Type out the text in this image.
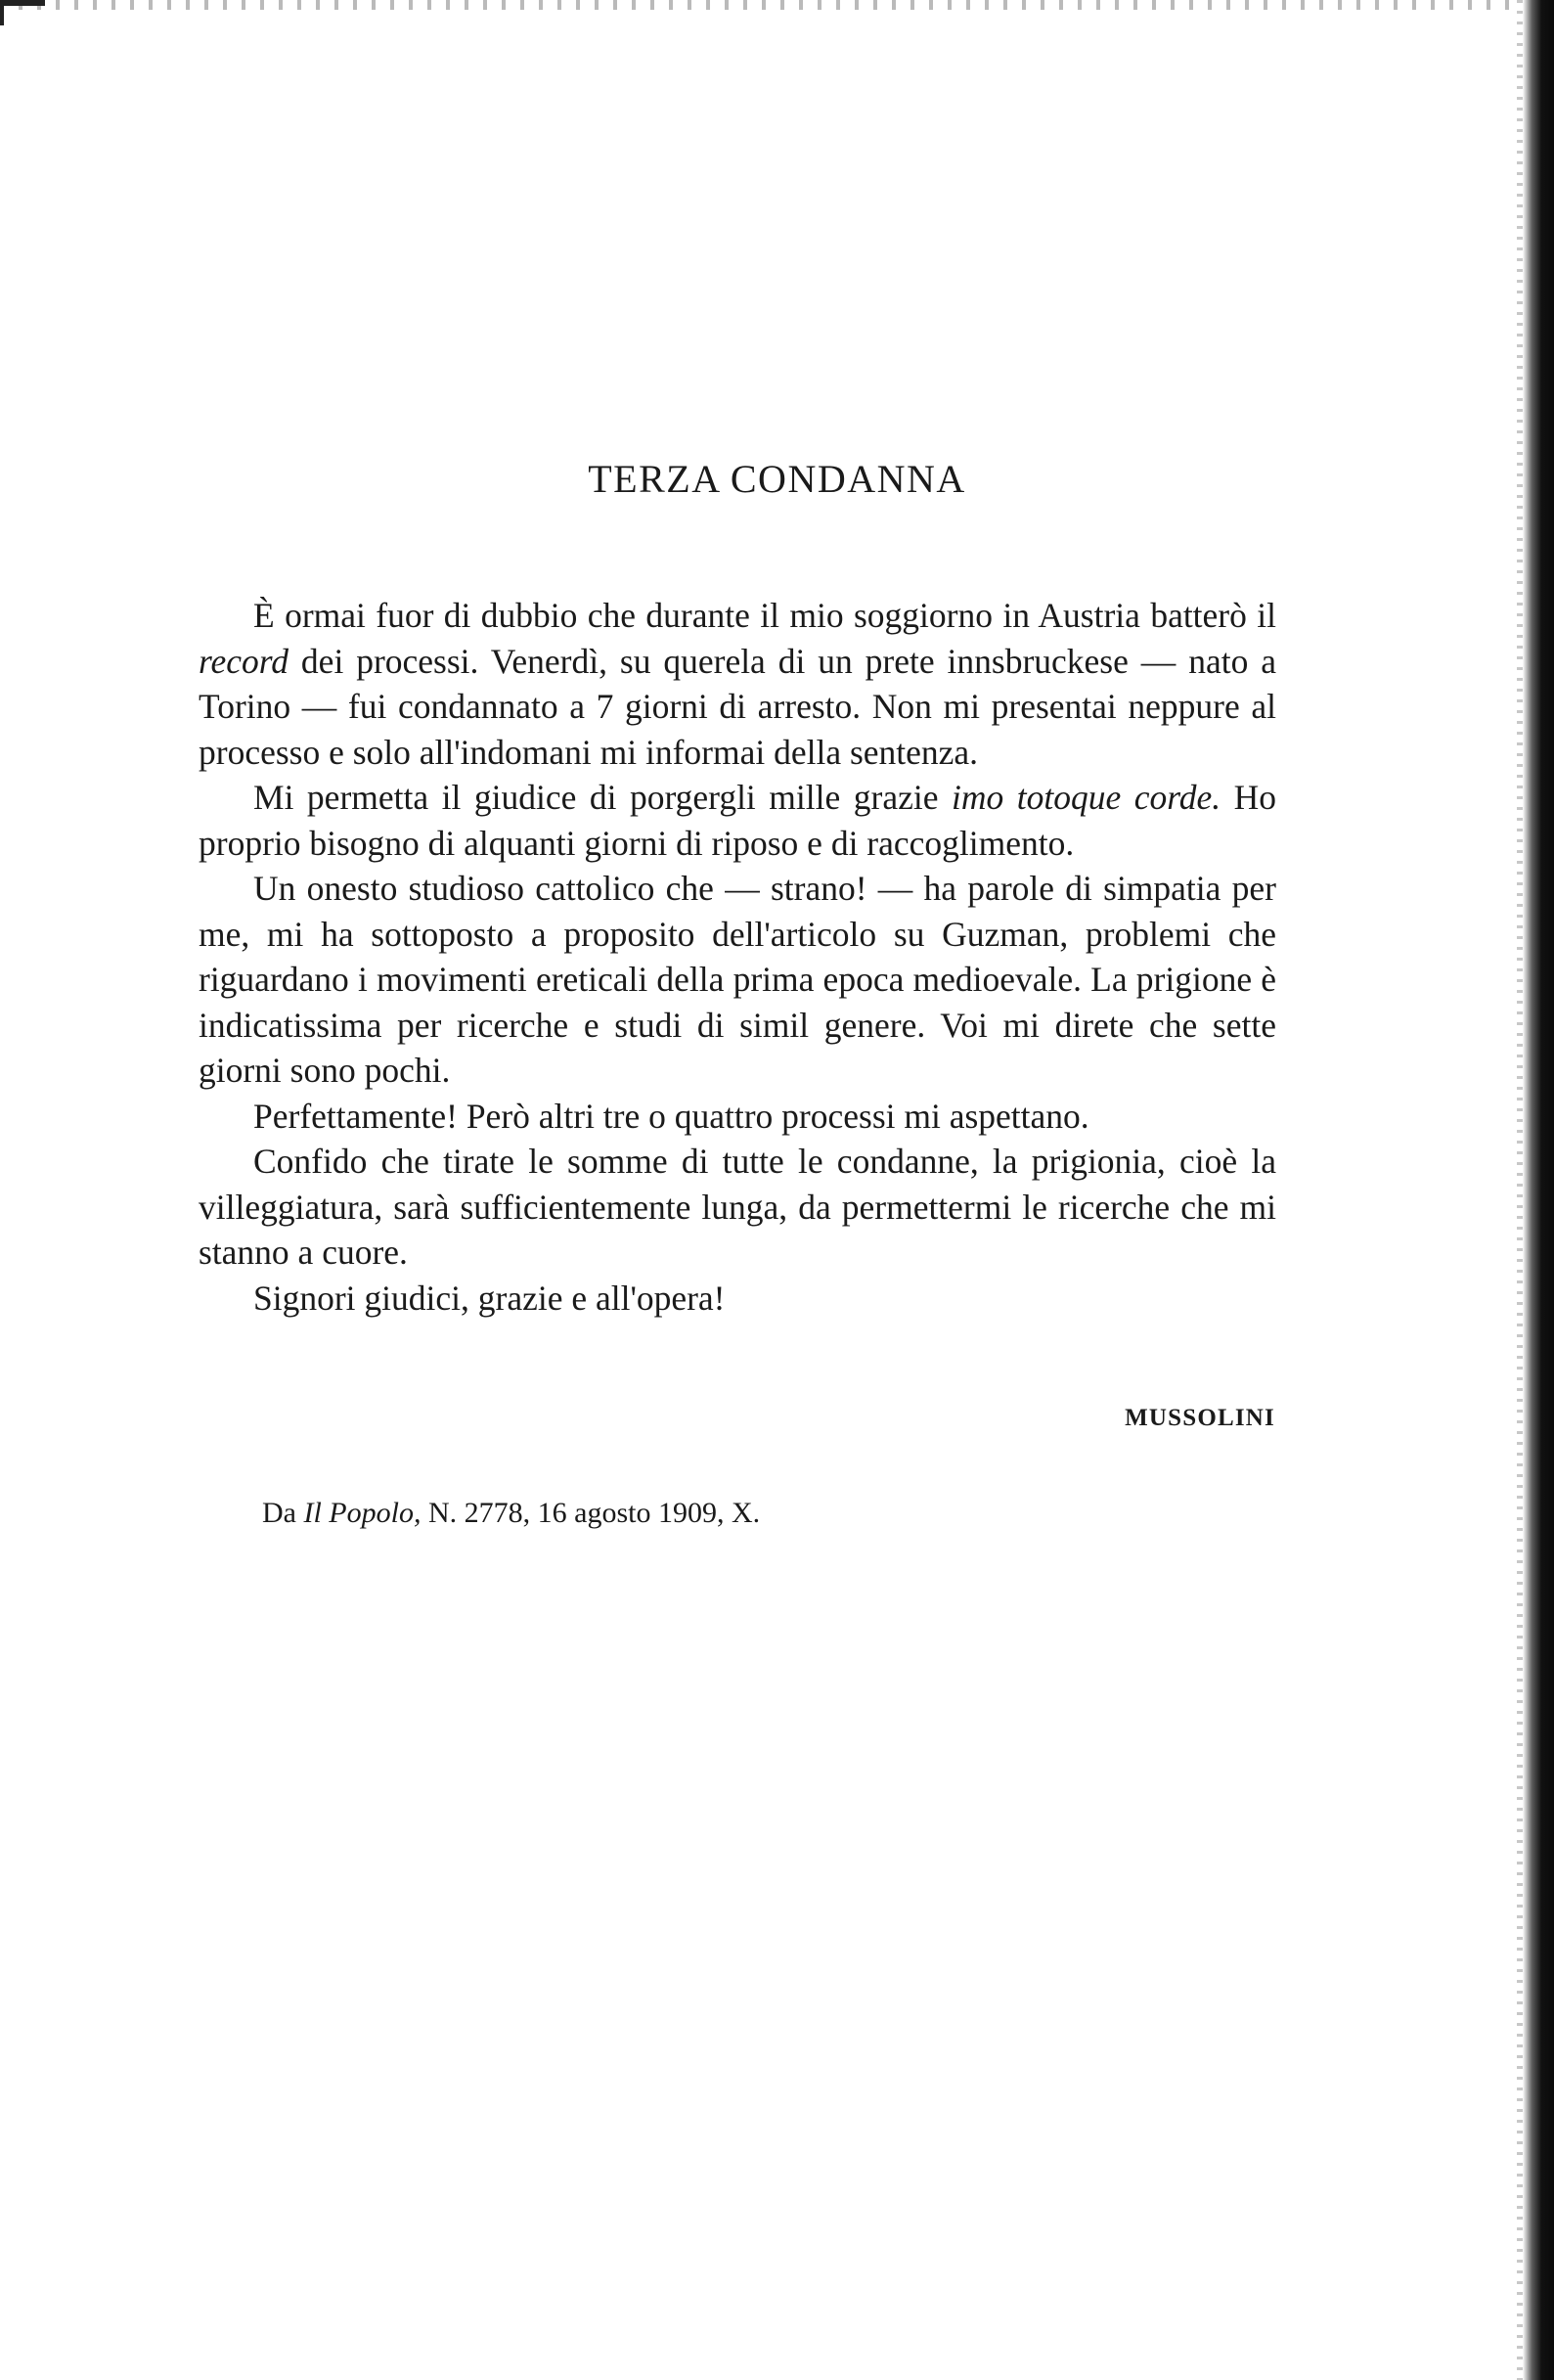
TERZA CONDANNA

È ormai fuor di dubbio che durante il mio soggiorno in Austria batterò il record dei processi. Venerdì, su querela di un prete innsbruckese — nato a Torino — fui condannato a 7 giorni di arresto. Non mi presentai neppure al processo e solo all'indomani mi informai della sentenza.

Mi permetta il giudice di porgergli mille grazie imo totoque corde. Ho proprio bisogno di alquanti giorni di riposo e di raccoglimento.

Un onesto studioso cattolico che — strano! — ha parole di simpatia per me, mi ha sottoposto a proposito dell'articolo su Guzman, problemi che riguardano i movimenti ereticali della prima epoca medioevale. La prigione è indicatissima per ricerche e studi di simil genere. Voi mi direte che sette giorni sono pochi.

Perfettamente! Però altri tre o quattro processi mi aspettano.

Confido che tirate le somme di tutte le condanne, la prigionia, cioè la villeggiatura, sarà sufficientemente lunga, da permettermi le ricerche che mi stanno a cuore.

Signori giudici, grazie e all'opera!

MUSSOLINI

Da Il Popolo, N. 2778, 16 agosto 1909, X.
